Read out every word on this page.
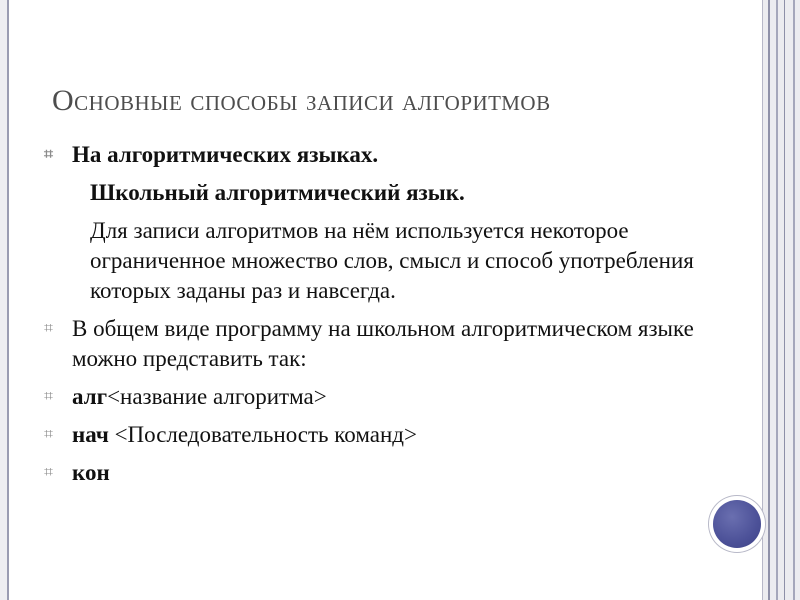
Основные способы записи алгоритмов

⌗ На алгоритмических языках.

Школьный алгоритмический язык.

Для записи алгоритмов на нём используется некоторое ограниченное множество слов, смысл и способ употребления которых заданы раз и навсегда.

⌗ В общем виде программу на школьном алгоритмическом языке можно представить так:

⌗ алг<название алгоритма>

⌗ нач <Последовательность команд>

⌗ кон
